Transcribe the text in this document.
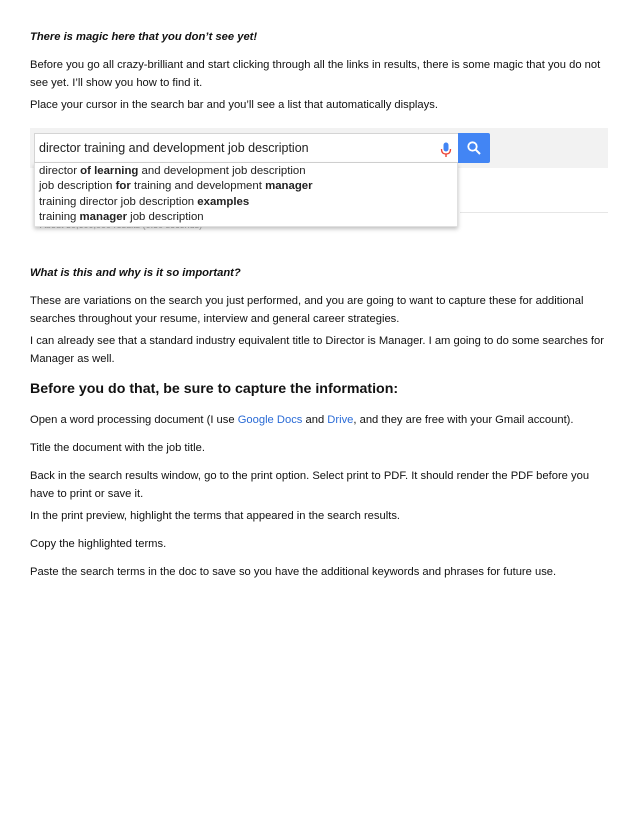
There is magic here that you don’t see yet!

Before you go all crazy-brilliant and start clicking through all the links in results, there is some magic that you do not
see yet. I’ll show you how to find it.

Place your cursor in the search bar and you’ll see a list that automatically displays.

director training and development job description
director of learning and development job description
job description for training and development manager
training director job description examples
training manager job description

What is this and why is it so important?

These are variations on the search you just performed, and you are going to want to capture these for additional
searches throughout your resume, interview and general career strategies.

I can already see that a standard industry equivalent title to Director is Manager. I am going to do some searches for
Manager as well.

Before you do that, be sure to capture the information:

Open a word processing document (I use Google Docs and Drive, and they are free with your Gmail account).

Title the document with the job title.

Back in the search results window, go to the print option. Select print to PDF. It should render the PDF before you
have to print or save it.

In the print preview, highlight the terms that appeared in the search results.

Copy the highlighted terms.

Paste the search terms in the doc to save so you have the additional keywords and phrases for future use.
